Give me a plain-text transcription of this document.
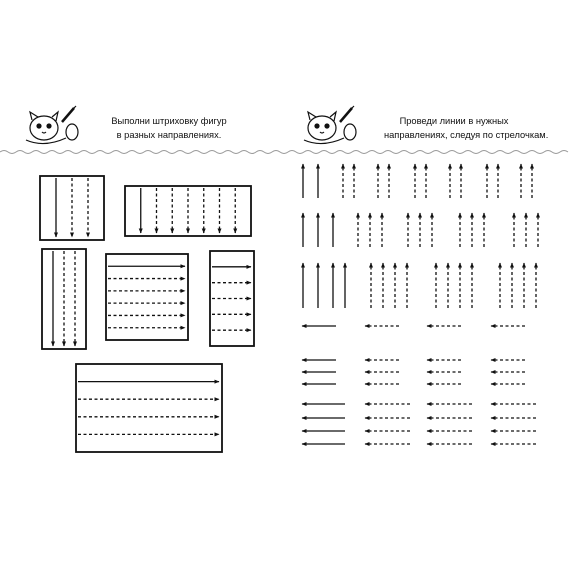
Выполни штриховку фигур
в разных направлениях.
Проведи линии в нужных
направлениях, следуя по стрелочкам.
